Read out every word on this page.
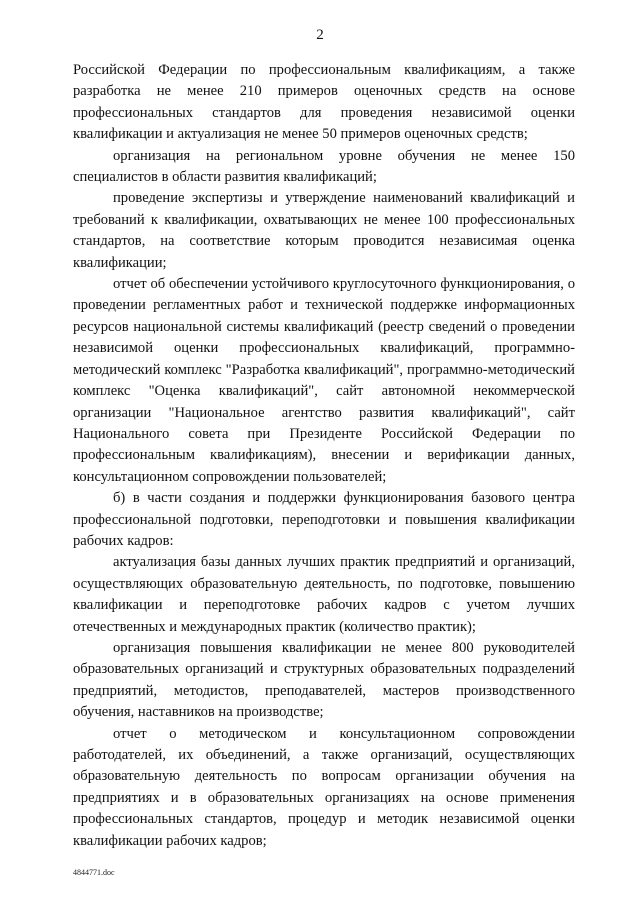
2

Российской Федерации по профессиональным квалификациям, а также разработка не менее 210 примеров оценочных средств на основе профессиональных стандартов для проведения независимой оценки квалификации и актуализация не менее 50 примеров оценочных средств;

организация на региональном уровне обучения не менее 150 специалистов в области развития квалификаций;

проведение экспертизы и утверждение наименований квалификаций и требований к квалификации, охватывающих не менее 100 профессиональных стандартов, на соответствие которым проводится независимая оценка квалификации;

отчет об обеспечении устойчивого круглосуточного функционирования, о проведении регламентных работ и технической поддержке информационных ресурсов национальной системы квалификаций (реестр сведений о проведении независимой оценки профессиональных квалификаций, программно-методический комплекс "Разработка квалификаций", программно-методический комплекс "Оценка квалификаций", сайт автономной некоммерческой организации "Национальное агентство развития квалификаций", сайт Национального совета при Президенте Российской Федерации по профессиональным квалификациям), внесении и верификации данных, консультационном сопровождении пользователей;

б) в части создания и поддержки функционирования базового центра профессиональной подготовки, переподготовки и повышения квалификации рабочих кадров:

актуализация базы данных лучших практик предприятий и организаций, осуществляющих образовательную деятельность, по подготовке, повышению квалификации и переподготовке рабочих кадров с учетом лучших отечественных и международных практик (количество практик);

организация повышения квалификации не менее 800 руководителей образовательных организаций и структурных образовательных подразделений предприятий, методистов, преподавателей, мастеров производственного обучения, наставников на производстве;

отчет о методическом и консультационном сопровождении работодателей, их объединений, а также организаций, осуществляющих образовательную деятельность по вопросам организации обучения на предприятиях и в образовательных организациях на основе применения профессиональных стандартов, процедур и методик независимой оценки квалификации рабочих кадров;

4844771.doc
